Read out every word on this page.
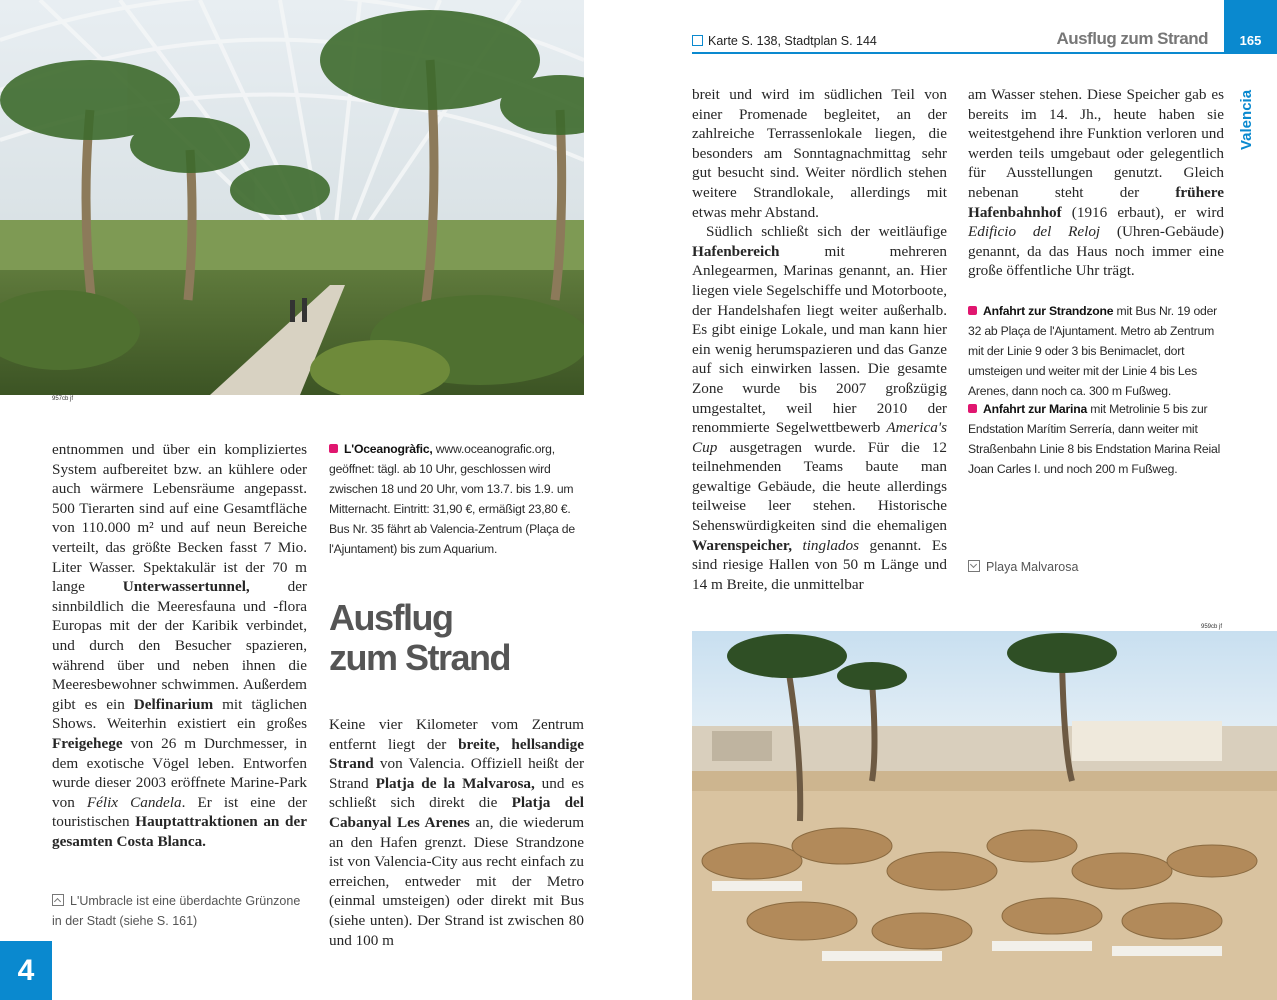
957cb jf
entnommen und über ein kompliziertes System aufbereitet bzw. an kühlere oder auch wärmere Lebensräume angepasst. 500 Tierarten sind auf eine Gesamtfläche von 110.000 m² und auf neun Bereiche verteilt, das größte Becken fasst 7 Mio. Liter Wasser. Spektakulär ist der 70 m lange Unterwassertunnel, der sinnbildlich die Meeresfauna und -flora Europas mit der der Karibik verbindet, und durch den Besucher spazieren, während über und neben ihnen die Meeresbewohner schwimmen. Außerdem gibt es ein Delfinarium mit täglichen Shows. Weiterhin existiert ein großes Freigehege von 26 m Durchmesser, in dem exotische Vögel leben. Entworfen wurde dieser 2003 eröffnete Marine-Park von Félix Candela. Er ist eine der touristischen Hauptattraktionen an der gesamten Costa Blanca.
L'Umbracle ist eine überdachte Grünzone in der Stadt (siehe S. 161)
4
L'Oceanogràfic, www.oceanografic.org, geöffnet: tägl. ab 10 Uhr, geschlossen wird zwischen 18 und 20 Uhr, vom 13.7. bis 1.9. um Mitternacht. Eintritt: 31,90 €, ermäßigt 23,80 €. Bus Nr. 35 fährt ab Valencia-Zentrum (Plaça de l'Ajuntament) bis zum Aquarium.
Ausflug
zum Strand
Keine vier Kilometer vom Zentrum entfernt liegt der breite, hellsandige Strand von Valencia. Offiziell heißt der Strand Platja de la Malvarosa, und es schließt sich direkt die Platja del Cabanyal Les Arenes an, die wiederum an den Hafen grenzt. Diese Strandzone ist von Valencia-City aus recht einfach zu erreichen, entweder mit der Metro (einmal umsteigen) oder direkt mit Bus (siehe unten). Der Strand ist zwischen 80 und 100 m
Karte S. 138, Stadtplan S. 144	Ausflug zum Strand 165
Valencia

breit und wird im südlichen Teil von einer Promenade begleitet, an der zahlreiche Terrassenlokale liegen, die besonders am Sonntagnachmittag sehr gut besucht sind. Weiter nördlich stehen weitere Strandlokale, allerdings mit etwas mehr Abstand.

Südlich schließt sich der weitläufige Hafenbereich mit mehreren Anlegearmen, Marinas genannt, an. Hier liegen viele Segelschiffe und Motorboote, der Handelshafen liegt weiter außerhalb. Es gibt einige Lokale, und man kann hier ein wenig herumspazieren und das Ganze auf sich einwirken lassen. Die gesamte Zone wurde bis 2007 großzügig umgestaltet, weil hier 2010 der renommierte Segelwettbewerb America's Cup ausgetragen wurde. Für die 12 teilnehmenden Teams baute man gewaltige Gebäude, die heute allerdings teilweise leer stehen. Historische Sehenswürdigkeiten sind die ehemaligen Warenspeicher, tinglados genannt. Es sind riesige Hallen von 50 m Länge und 14 m Breite, die unmittelbar

am Wasser stehen. Diese Speicher gab es bereits im 14. Jh., heute haben sie weitestgehend ihre Funktion verloren und werden teils umgebaut oder gelegentlich für Ausstellungen genutzt. Gleich nebenan steht der frühere Hafenbahnhof (1916 erbaut), er wird Edificio del Reloj (Uhren-Gebäude) genannt, da das Haus noch immer eine große öffentliche Uhr trägt.
Anfahrt zur Strandzone mit Bus Nr. 19 oder 32 ab Plaça de l'Ajuntament. Metro ab Zentrum mit der Linie 9 oder 3 bis Benimaclet, dort umsteigen und weiter mit der Linie 4 bis Les Arenes, dann noch ca. 300 m Fußweg.
Anfahrt zur Marina mit Metrolinie 5 bis zur Endstation Marítim Serrería, dann weiter mit Straßenbahn Linie 8 bis Endstation Marina Reial Joan Carles I. und noch 200 m Fußweg.
Playa Malvarosa
959cb jf
